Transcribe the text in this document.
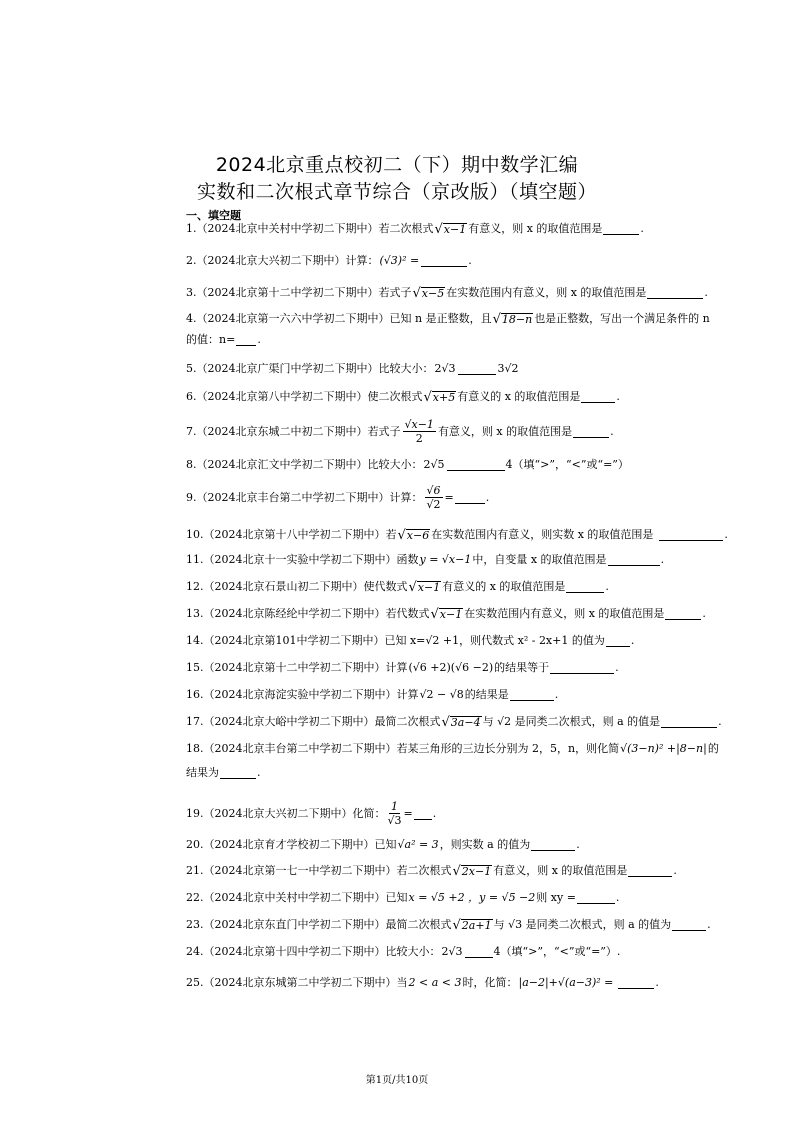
2024北京重点校初二（下）期中数学汇编
实数和二次根式章节综合（京改版）（填空题）
一、填空题
1.（2024北京中关村中学初二下期中）若二次根式 √ x−1 有意义，则 x 的取值范围是	.
2.（2024北京大兴初二下期中）计算： (√3)² =	.
3.（2024北京第十二中学初二下期中）若式子 √ x−5 在实数范围内有意义，则 x 的取值范围是	.
4.（2024北京第一六六中学初二下期中）已知 n 是正整数，且 √ 18−n 也是正整数，写出一个满足条件的 n
的值：n= .
5.（2024北京广渠门中学初二下期中）比较大小： 2√3	3√2
6.（2024北京第八中学初二下期中）使二次根式 √ x+5 有意义的 x 的取值范围是	.
7.（2024北京东城二中初二下期中）若式子 $\frac{√x-1}{2}$ 有意义，则 x 的取值范围是	.
8.（2024北京汇文中学初二下期中）比较大小： 2√5	4（填“>”，“<”或“=”）
9.（2024北京丰台第二中学初二下期中）计算： $\frac{√6}{√2}$ =	.
10.（2024北京第十八中学初二下期中）若 √ x−6 在实数范围内有意义，则实数 x 的取值范围是	.
11.（2024北京十一实验中学初二下期中）函数 y = √x−1 中，自变量 x 的取值范围是	.
12.（2024北京石景山初二下期中）使代数式 √ x−1 有意义的 x 的取值范围是	.
13.（2024北京陈经纶中学初二下期中）若代数式 √ x−1 在实数范围内有意义，则 x 的取值范围是	.
14.（2024北京第101中学初二下期中）已知 x=√2 +1，则代数式 x² - 2x+1 的值为 .
15.（2024北京第十二中学初二下期中）计算 (√6 +2)(√6 −2) 的结果等于	.
16.（2024北京海淀实验中学初二下期中）计算 √2 − √8 的结果是	.
17.（2024北京大峪中学初二下期中）最简二次根式 √ 3a−4 与 √2 是同类二次根式，则 a 的值是	.
18.（2024北京丰台第二中学初二下期中）若某三角形的三边长分别为 2，5，n，则化简 √(3−n)² +|8−n| 的
结果为	.
19.（2024北京大兴初二下期中）化简： $\frac{1}{√3}$ = .
20.（2024北京育才学校初二下期中）已知 √a² = 3 ，则实数 a 的值为	.
21.（2024北京第一七一中学初二下期中）若二次根式 √ 2x−1 有意义，则 x 的取值范围是	.
22.（2024北京中关村中学初二下期中）已知 x = √5 +2 ，y = √5 −2 则 xy =	.
23.（2024北京东直门中学初二下期中）最简二次根式 √ 2a+1 与 √3 是同类二次根式，则 a 的值为	.
24.（2024北京第十四中学初二下期中）比较大小： 2√3	4（填“>”，“<”或“=”）.
25.（2024北京东城第二中学初二下期中）当 2 < a < 3 时，化简： |a−2|+√(a−3)² =	.
第1页/共10页
